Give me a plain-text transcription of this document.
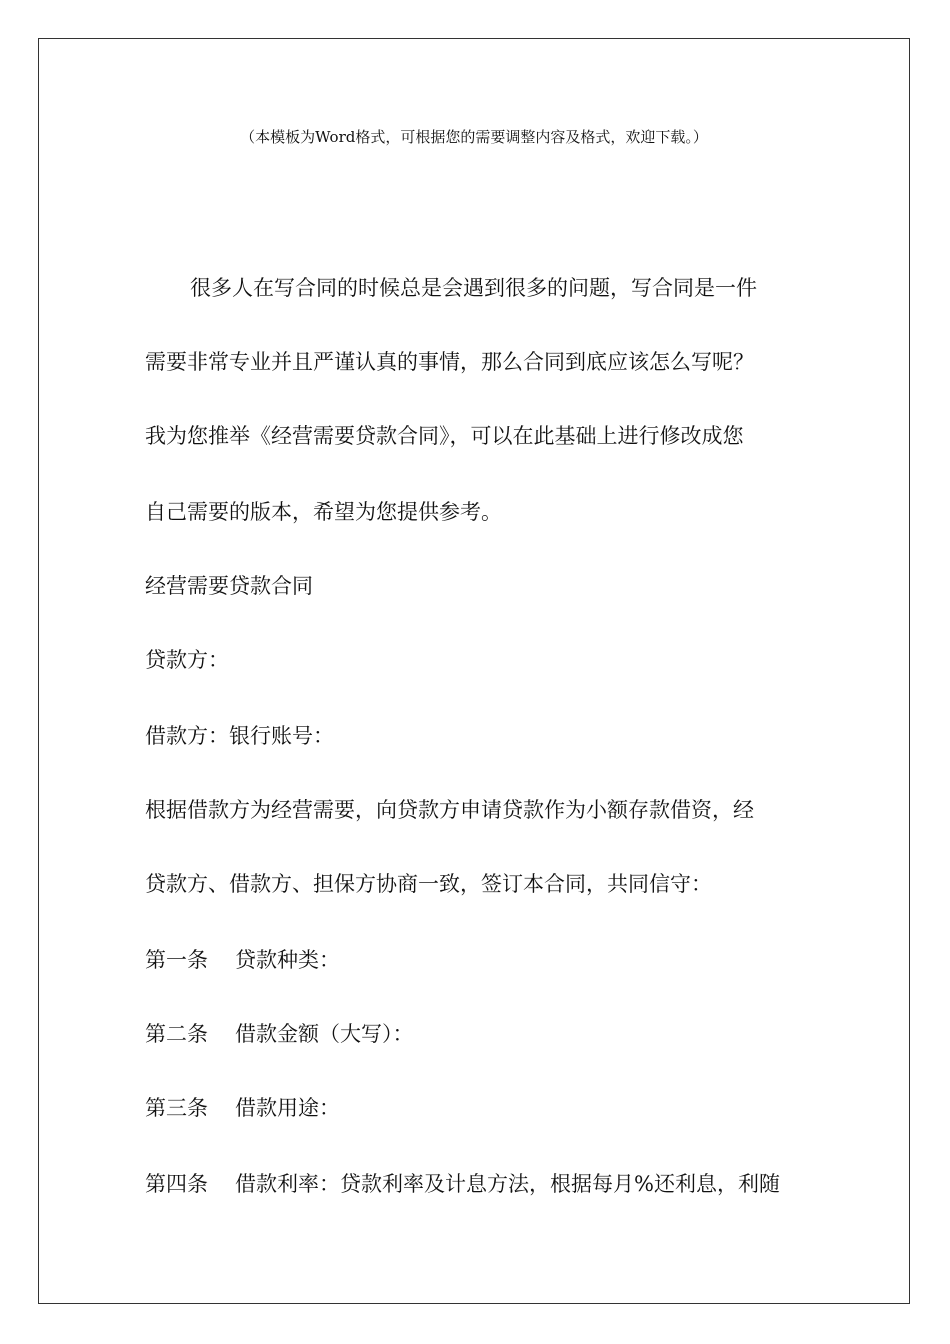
（本模板为Word格式，可根据您的需要调整内容及格式，欢迎下载。）
很多人在写合同的时候总是会遇到很多的问题，写合同是一件
需要非常专业并且严谨认真的事情，那么合同到底应该怎么写呢？
我为您推举《经营需要贷款合同》，可以在此基础上进行修改成您
自己需要的版本，希望为您提供参考。
经营需要贷款合同
贷款方：
借款方：银行账号：
根据借款方为经营需要，向贷款方申请贷款作为小额存款借资，经
贷款方、借款方、担保方协商一致，签订本合同，共同信守：
第一条 贷款种类：
第二条 借款金额（大写）：
第三条 借款用途：
第四条 借款利率：贷款利率及计息方法，根据每月%还利息，利随
